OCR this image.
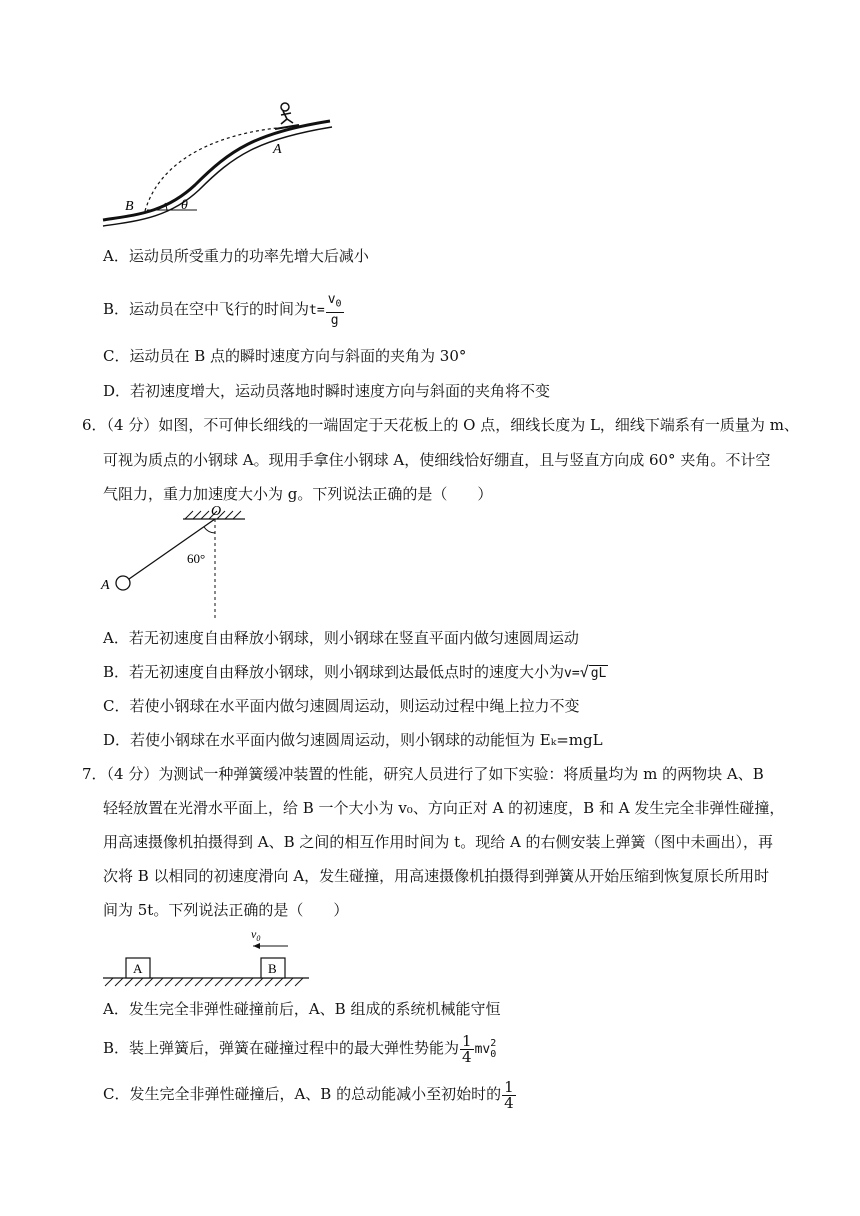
A
B	θ
A．运动员所受重力的功率先增大后减小
B．运动员在空中飞行的时间为$t= \frac{v_0}{g}$
C．运动员在 B 点的瞬时速度方向与斜面的夹角为 30°
D．若初速度增大，运动员落地时瞬时速度方向与斜面的夹角将不变
6．（4 分）如图，不可伸长细线的一端固定于天花板上的 O 点，细线长度为 L，细线下端系有一质量为 m、
可视为质点的小钢球 A。现用手拿住小钢球 A，使细线恰好绷直，且与竖直方向成 60° 夹角。不计空
气阻力，重力加速度大小为 g。下列说法正确的是（　　）
O
60°
A
A．若无初速度自由释放小钢球，则小钢球在竖直平面内做匀速圆周运动
B．若无初速度自由释放小钢球，则小钢球到达最低点时的速度大小为v=√ gL
C．若使小钢球在水平面内做匀速圆周运动，则运动过程中绳上拉力不变
D．若使小钢球在水平面内做匀速圆周运动，则小钢球的动能恒为 Eₖ=mgL
7．（4 分）为测试一种弹簧缓冲装置的性能，研究人员进行了如下实验：将质量均为 m 的两物块 A、B
轻轻放置在光滑水平面上，给 B 一个大小为 v₀、方向正对 A 的初速度，B 和 A 发生完全非弹性碰撞，
用高速摄像机拍摄得到 A、B 之间的相互作用时间为 t。现给 A 的右侧安装上弹簧（图中未画出），再
次将 B 以相同的初速度滑向 A，发生碰撞，用高速摄像机拍摄得到弹簧从开始压缩到恢复原长所用时
间为 5t。下列说法正确的是（　　）
A	B
$v_0$
A．发生完全非弹性碰撞前后，A、B 组成的系统机械能守恒
B．装上弹簧后，弹簧在碰撞过程中的最大弹性势能为 $\frac{1}{4}$ mv 2
0
C．发生完全非弹性碰撞后，A、B 的总动能减小至初始时的 $\frac{1}{4}$
